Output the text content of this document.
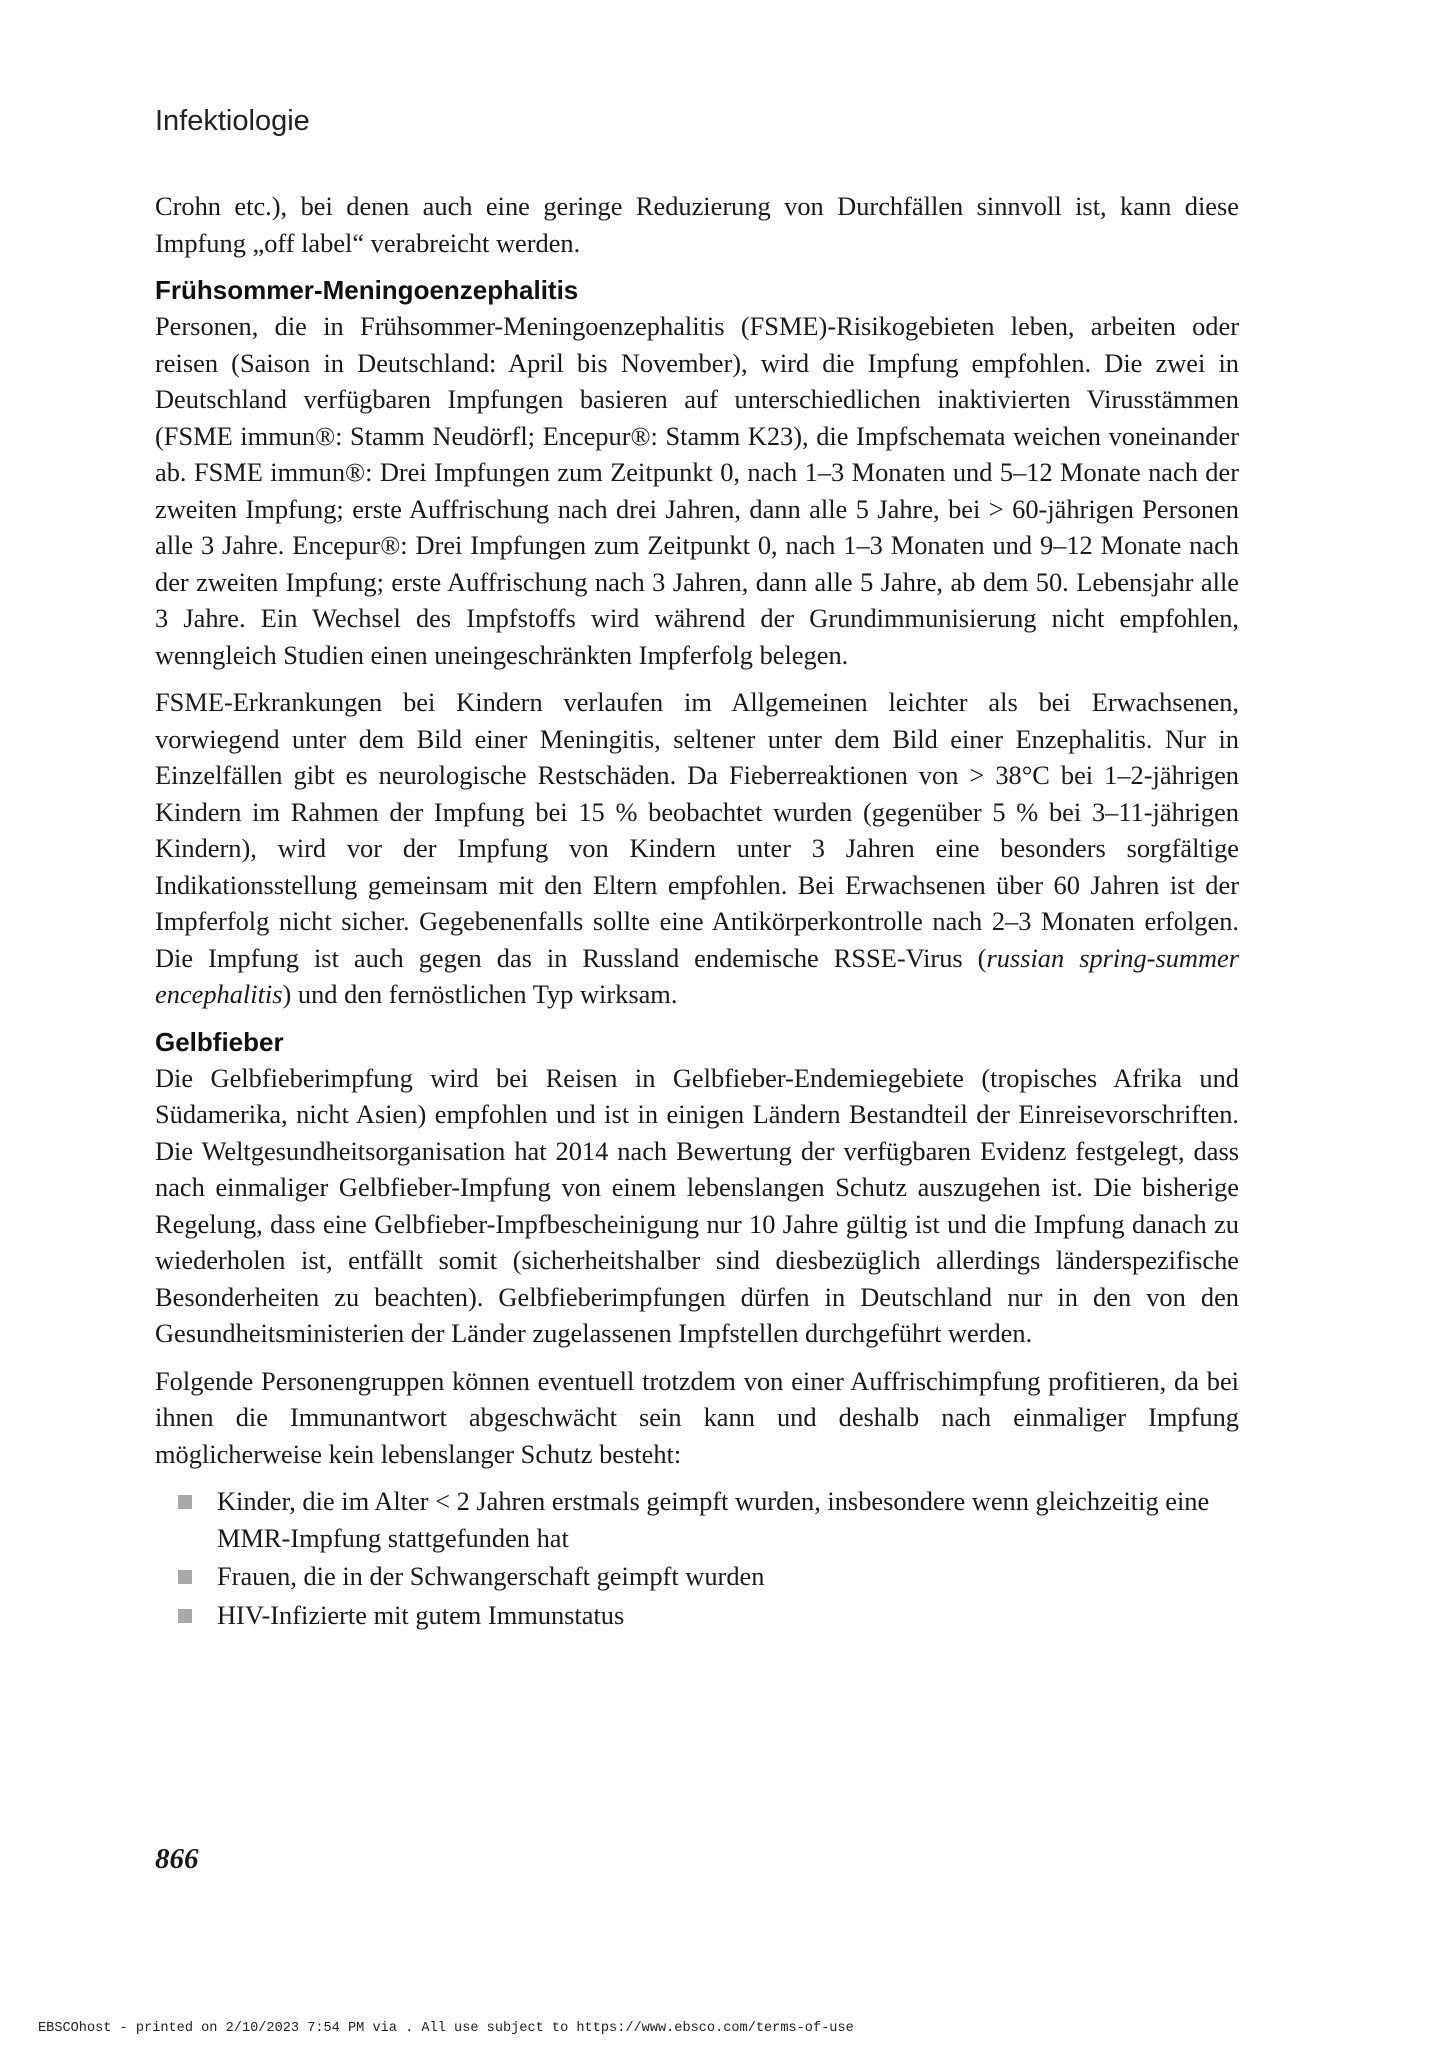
Infektiologie

Crohn etc.), bei denen auch eine geringe Reduzierung von Durchfällen sinnvoll ist, kann diese Impfung „off label“ verabreicht werden.

Frühsommer-Meningoenzephalitis

Personen, die in Frühsommer-Meningoenzephalitis (FSME)-Risikogebieten leben, arbeiten oder reisen (Saison in Deutschland: April bis November), wird die Impfung empfohlen. Die zwei in Deutschland verfügbaren Impfungen basieren auf unterschiedlichen inaktivierten Virusstämmen (FSME immun®: Stamm Neudörfl; Encepur®: Stamm K23), die Impfschemata weichen voneinander ab. FSME immun®: Drei Impfungen zum Zeitpunkt 0, nach 1–3 Monaten und 5–12 Monate nach der zweiten Impfung; erste Auffrischung nach drei Jahren, dann alle 5 Jahre, bei > 60-jährigen Personen alle 3 Jahre. Encepur®: Drei Impfungen zum Zeitpunkt 0, nach 1–3 Monaten und 9–12 Monate nach der zweiten Impfung; erste Auffrischung nach 3 Jahren, dann alle 5 Jahre, ab dem 50. Lebensjahr alle 3 Jahre. Ein Wechsel des Impfstoffs wird während der Grundimmunisierung nicht empfohlen, wenngleich Studien einen uneingeschränkten Impferfolg belegen.

FSME-Erkrankungen bei Kindern verlaufen im Allgemeinen leichter als bei Erwachsenen, vorwiegend unter dem Bild einer Meningitis, seltener unter dem Bild einer Enzephalitis. Nur in Einzelfällen gibt es neurologische Restschäden. Da Fieberreaktionen von > 38°C bei 1–2-jährigen Kindern im Rahmen der Impfung bei 15 % beobachtet wurden (gegenüber 5 % bei 3–11-jährigen Kindern), wird vor der Impfung von Kindern unter 3 Jahren eine besonders sorgfältige Indikationsstellung gemeinsam mit den Eltern empfohlen. Bei Erwachsenen über 60 Jahren ist der Impferfolg nicht sicher. Gegebenenfalls sollte eine Antikörperkontrolle nach 2–3 Monaten erfolgen. Die Impfung ist auch gegen das in Russland endemische RSSE-Virus (russian spring-summer encephalitis) und den fernöstlichen Typ wirksam.

Gelbfieber

Die Gelbfieberimpfung wird bei Reisen in Gelbfieber-Endemiegebiete (tropisches Afrika und Südamerika, nicht Asien) empfohlen und ist in einigen Ländern Bestandteil der Einreisevorschriften. Die Weltgesundheitsorganisation hat 2014 nach Bewertung der verfügbaren Evidenz festgelegt, dass nach einmaliger Gelbfieber-Impfung von einem lebenslangen Schutz auszugehen ist. Die bisherige Regelung, dass eine Gelbfieber-Impfbescheinigung nur 10 Jahre gültig ist und die Impfung danach zu wiederholen ist, entfällt somit (sicherheitshalber sind diesbezüglich allerdings länderspezifische Besonderheiten zu beachten). Gelbfieberimpfungen dürfen in Deutschland nur in den von den Gesundheitsministerien der Länder zugelassenen Impfstellen durchgeführt werden.

Folgende Personengruppen können eventuell trotzdem von einer Auffrischimpfung profitieren, da bei ihnen die Immunantwort abgeschwächt sein kann und deshalb nach einmaliger Impfung möglicherweise kein lebenslanger Schutz besteht:

Kinder, die im Alter < 2 Jahren erstmals geimpft wurden, insbesondere wenn gleichzeitig eine MMR-Impfung stattgefunden hat
Frauen, die in der Schwangerschaft geimpft wurden
HIV-Infizierte mit gutem Immunstatus
866
EBSCOhost - printed on 2/10/2023 7:54 PM via . All use subject to https://www.ebsco.com/terms-of-use
